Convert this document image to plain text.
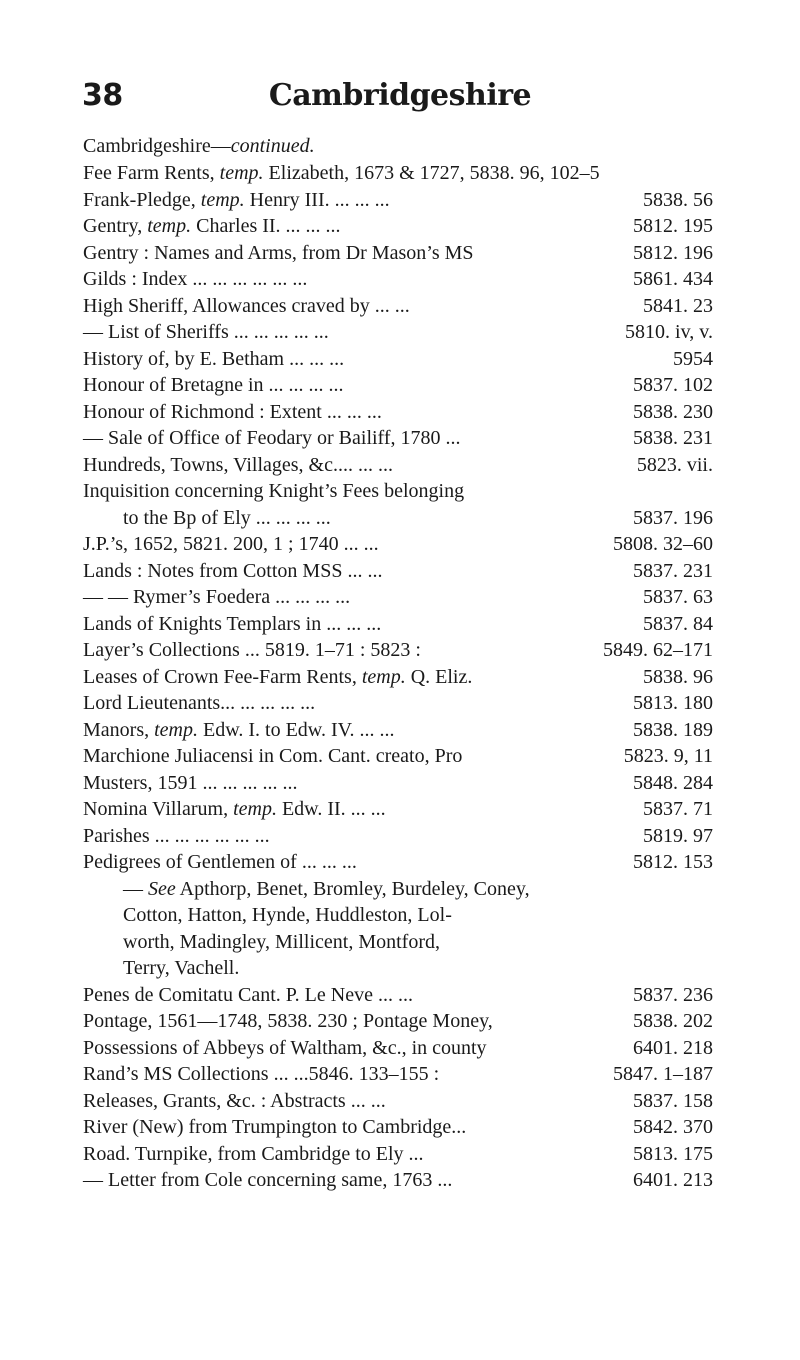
38	Cambridgeshire
Cambridgeshire—continued.
Fee Farm Rents, temp. Elizabeth, 1673 & 1727, 5838. 96, 102–5
Frank-Pledge, temp. Henry III. ... ... ...	5838. 56
Gentry, temp. Charles II. ... ... ...	5812. 195
Gentry : Names and Arms, from Dr Mason’s MS	5812. 196
Gilds : Index ... ... ... ... ... ...	5861. 434
High Sheriff, Allowances craved by ... ...	5841. 23
— List of Sheriffs ... ... ... ... ...	5810. iv, v.
History of, by E. Betham ... ... ...	5954
Honour of Bretagne in ... ... ... ...	5837. 102
Honour of Richmond : Extent ... ... ...	5838. 230
— Sale of Office of Feodary or Bailiff, 1780 ...	5838. 231
Hundreds, Towns, Villages, &c.... ... ...	5823. vii.
Inquisition concerning Knight’s Fees belonging
to the Bp of Ely ... ... ... ...	5837. 196
J.P.’s, 1652, 5821. 200, 1 ; 1740 ... ...	5808. 32–60
Lands : Notes from Cotton MSS ... ...	5837. 231
— — Rymer’s Foedera ... ... ... ...	5837. 63
Lands of Knights Templars in ... ... ...	5837. 84
Layer’s Collections ... 5819. 1–71 : 5823 :	5849. 62–171
Leases of Crown Fee-Farm Rents, temp. Q. Eliz.	5838. 96
Lord Lieutenants... ... ... ... ...	5813. 180
Manors, temp. Edw. I. to Edw. IV. ... ...	5838. 189
Marchione Juliacensi in Com. Cant. creato, Pro	5823. 9, 11
Musters, 1591 ... ... ... ... ...	5848. 284
Nomina Villarum, temp. Edw. II. ... ...	5837. 71
Parishes ... ... ... ... ... ...	5819. 97
Pedigrees of Gentlemen of ... ... ...	5812. 153
— See Apthorp, Benet, Bromley, Burdeley, Coney,
Cotton, Hatton, Hynde, Huddleston, Lol-
worth, Madingley, Millicent, Montford,
Terry, Vachell.
Penes de Comitatu Cant. P. Le Neve ... ...	5837. 236
Pontage, 1561—1748, 5838. 230 ; Pontage Money,	5838. 202
Possessions of Abbeys of Waltham, &c., in county	6401. 218
Rand’s MS Collections ... ...5846. 133–155 :	5847. 1–187
Releases, Grants, &c. : Abstracts ... ...	5837. 158
River (New) from Trumpington to Cambridge...	5842. 370
Road. Turnpike, from Cambridge to Ely ...	5813. 175
— Letter from Cole concerning same, 1763 ...	6401. 213
